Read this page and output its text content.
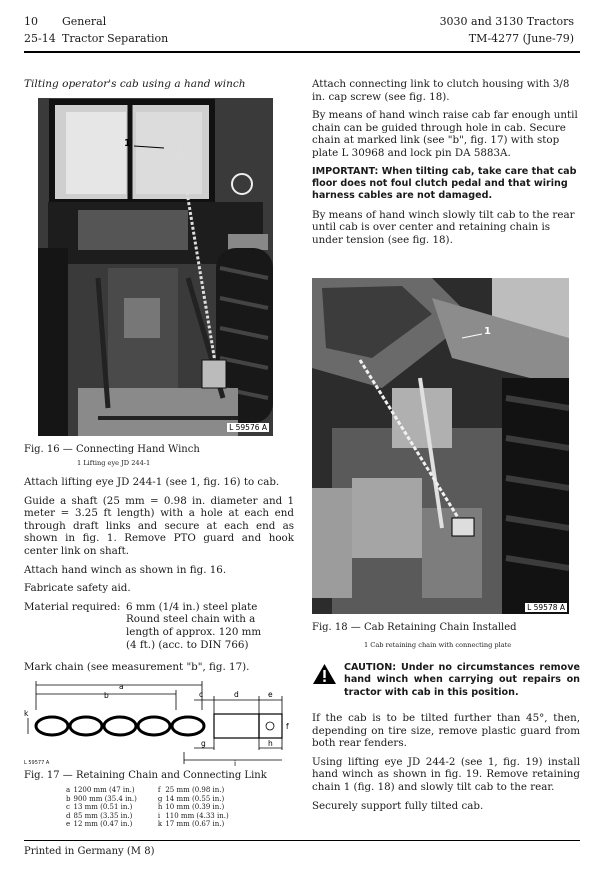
10 General
25-14 Tractor Separation
3030 and 3130 Tractors
TM-4277 (June-79)
Tilting operator's cab using a hand winch
L 59576 A
1
Fig. 16 — Connecting Hand Winch
1 Lifting eye JD 244-1

Attach lifting eye JD 244-1 (see 1, fig. 16) to cab.

Guide a shaft (25 mm = 0.98 in. diameter and 1 meter = 3.25 ft length) with a hole at each end through draft links and secure at each end as shown in fig. 1. Remove PTO guard and hook center link on shaft.

Attach hand winch as shown in fig. 16.

Fabricate safety aid.

Material required: 6 mm (1/4 in.) steel plate
Round steel chain with a
length of approx. 120 mm
(4 ft.) (acc. to DIN 766)

Mark chain (see measurement "b", fig. 17).

a
b	c	d	e
f
g	h
i
k
L 59577 A
Fig. 17 — Retaining Chain and Connecting Link
a	1200 mm (47 in.)
b	900 mm (35.4 in.)
c	13 mm (0.51 in.)
d	85 mm (3.35 in.)
e	12 mm (0.47 in.)
f	25 mm (0.98 in.)
g	14 mm (0.55 in.)
h	10 mm (0.39 in.)
i	110 mm (4.33 in.)
k	17 mm (0.67 in.)

Attach connecting link to clutch housing with 3/8 in. cap screw (see fig. 18).

By means of hand winch raise cab far enough until chain can be guided through hole in cab. Secure chain at marked link (see "b", fig. 17) with stop plate L 30968 and lock pin DA 5883A.

IMPORTANT: When tilting cab, take care that cab floor does not foul clutch pedal and that wiring harness cables are not damaged.

By means of hand winch slowly tilt cab to the rear until cab is over center and retaining chain is under tension (see fig. 18).

L 59578 A
1
Fig. 18 — Cab Retaining Chain Installed
1 Cab retaining chain with connecting plate
CAUTION: Under no circumstances remove hand winch when carrying out repairs on tractor with cab in this position.

If the cab is to be tilted further than 45°, then, depending on tire size, remove plastic guard from both rear fenders.

Using lifting eye JD 244-2 (see 1, fig. 19) install hand winch as shown in fig. 19. Remove retaining chain 1 (fig. 18) and slowly tilt cab to the rear.

Securely support fully tilted cab.

Printed in Germany (M 8)
